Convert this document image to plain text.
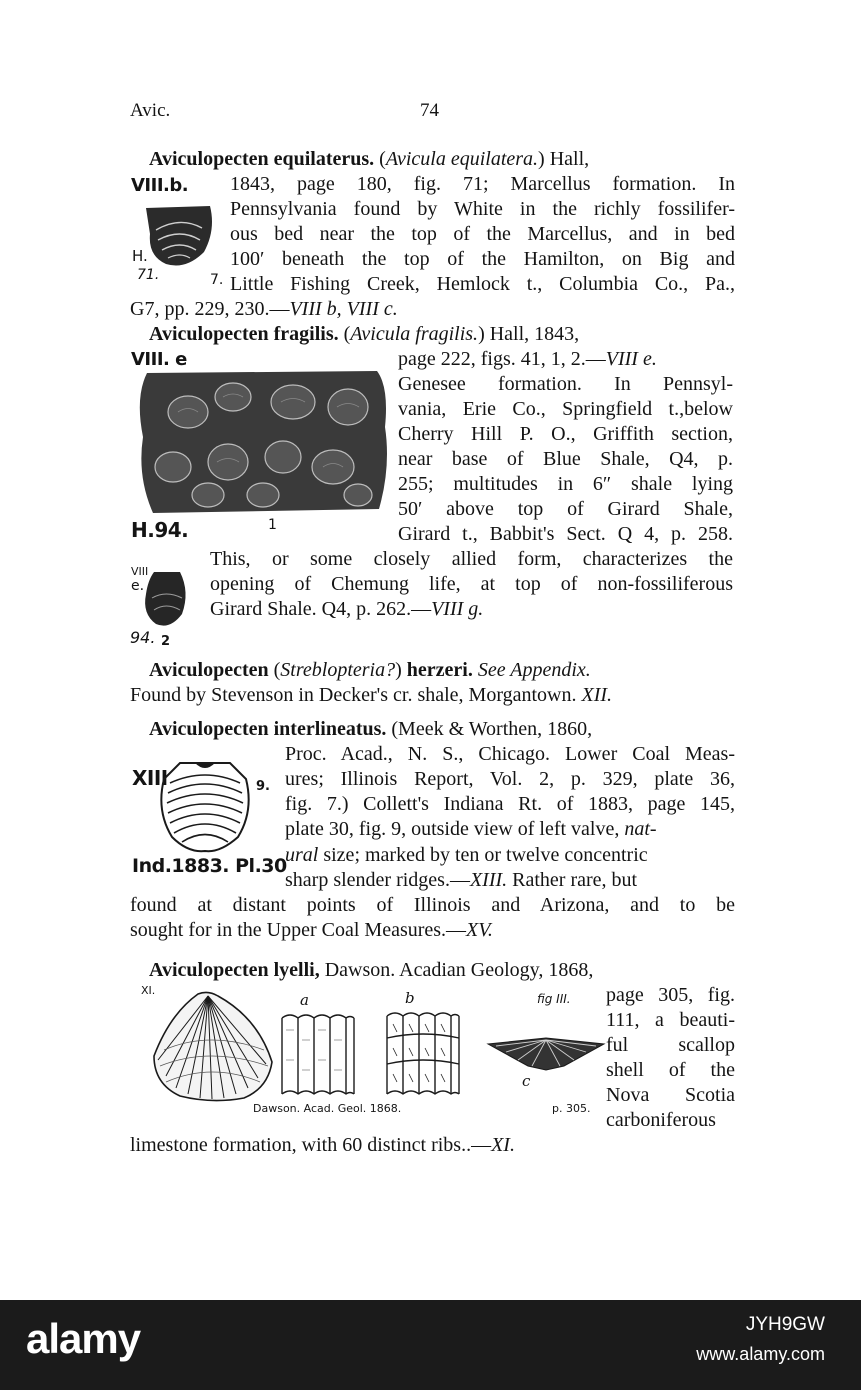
Avic.	74
Aviculopecten equilaterus. (Avicula equilatera.) Hall,
1843, page 180, fig. 71; Marcellus formation. In
Pennsylvania found by White in the richly fossilifer-
ous bed near the top of the Marcellus, and in bed
100′ beneath the top of the Hamilton, on Big and
Little Fishing Creek, Hemlock t., Columbia Co., Pa.,
G7, pp. 229, 230.—VIII b, VIII c.
VIII.b.
H.
71.	7.
Aviculopecten fragilis. (Avicula fragilis.) Hall, 1843,
page 222, figs. 41, 1, 2.—VIII e.
Genesee formation. In Pennsyl-
vania, Erie Co., Springfield t.,below
Cherry Hill P. O., Griffith section,
near base of Blue Shale, Q4, p.
255; multitudes in 6″ shale lying
50′ above top of Girard Shale,
Girard t., Babbit's Sect. Q 4, p. 258.
This, or some closely allied form, characterizes the
opening of Chemung life, at top of non-fossiliferous
Girard Shale. Q4, p. 262.—VIII g.
VIII. e
H.94.	1
VIII
e.
94. 2
Aviculopecten (Streblopteria?) herzeri. See Appendix.
Found by Stevenson in Decker's cr. shale, Morgantown. XII.
Aviculopecten interlineatus. (Meek & Worthen, 1860,
Proc. Acad., N. S., Chicago. Lower Coal Meas-
ures; Illinois Report, Vol. 2, p. 329, plate 36,
fig. 7.) Collett's Indiana Rt. of 1883, page 145,
plate 30, fig. 9, outside view of left valve, nat-
ural size; marked by ten or twelve concentric
sharp slender ridges.—XIII. Rather rare, but
found at distant points of Illinois and Arizona, and to be
sought for in the Upper Coal Measures.—XV.
XIII	9.
Ind.1883. Pl.30
Aviculopecten lyelli, Dawson. Acadian Geology, 1868,
page 305, fig.
111, a beauti-
ful scallop
shell of the
Nova Scotia
carboniferous
limestone formation, with 60 distinct ribs..—XI.
XI.
a	b	fig III.
c
Dawson. Acad. Geol. 1868.	p. 305.
alamy	JYH9GW
www.alamy.com
